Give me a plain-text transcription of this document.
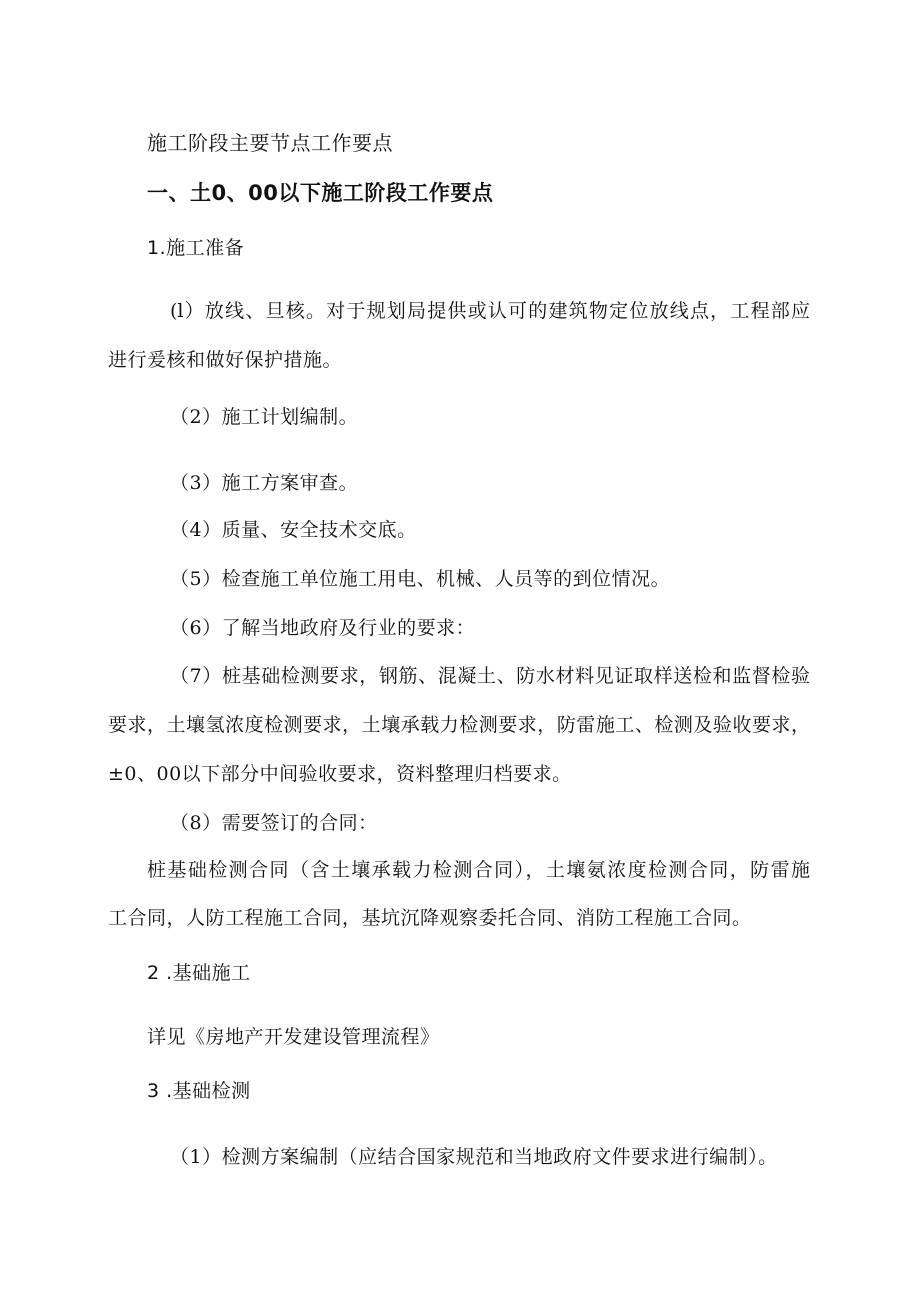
施工阶段主要节点工作要点
一、土0、00以下施工阶段工作要点
1.施工准备
(l）放线、旦核。对于规划局提供或认可的建筑物定位放线点，工程部应
进行爰核和做好保护措施。
（2）施工计划编制。
（3）施工方案审查。
（4）质量、安全技术交底。
（5）检查施工单位施工用电、机械、人员等的到位情况。
（6）了解当地政府及行业的要求：
（7）桩基础检测要求，钢筋、混凝土、防水材料见证取样送检和监督检验
要求，土壤氢浓度检测要求，土壤承载力检测要求，防雷施工、检测及验收要求，
±0、00以下部分中间验收要求，资料整理归档要求。
（8）需要签订的合同：
桩基础检测合同（含土壤承载力检测合同），土壤氨浓度检测合同，防雷施
工合同，人防工程施工合同，基坑沉降观察委托合同、消防工程施工合同。
2 .基础施工
详见《房地产开发建设管理流程》
3 .基础检测
（1）检测方案编制（应结合国家规范和当地政府文件要求进行编制）。
